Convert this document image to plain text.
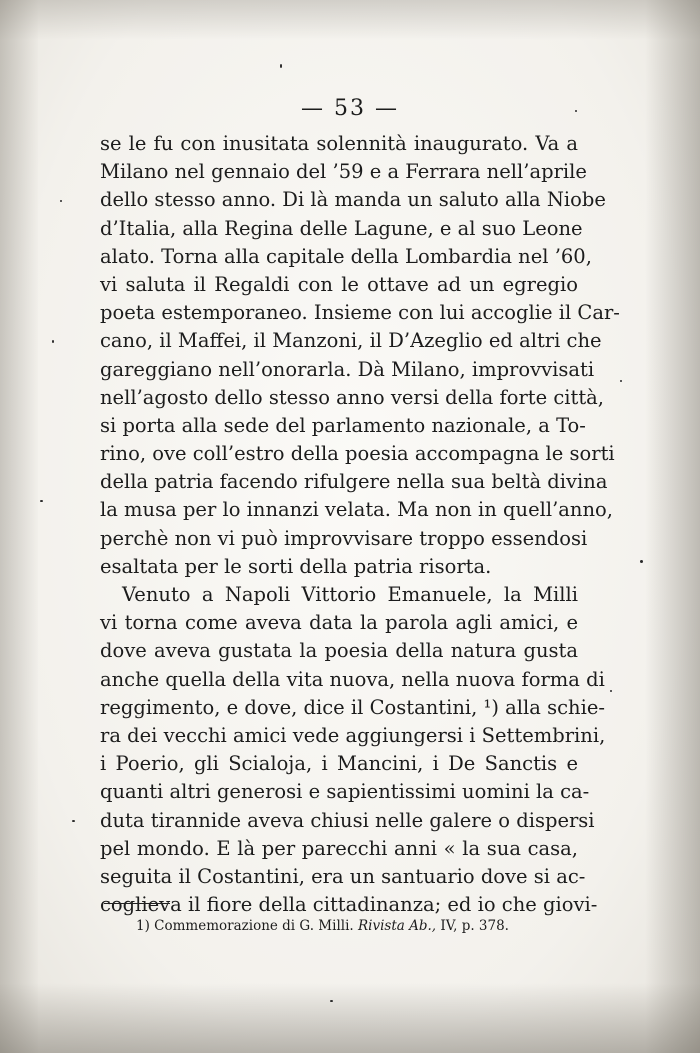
— 53 —
se le fu con inusitata solennità inaugurato. Va a
Milano nel gennaio del ’59 e a Ferrara nell’aprile
dello stesso anno. Di là manda un saluto alla Niobe
d’Italia, alla Regina delle Lagune, e al suo Leone
alato. Torna alla capitale della Lombardia nel ’60,
vi saluta il Regaldi con le ottave ad un egregio
poeta estemporaneo. Insieme con lui accoglie il Car-
cano, il Maffei, il Manzoni, il D’Azeglio ed altri che
gareggiano nell’onorarla. Dà Milano, improvvisati
nell’agosto dello stesso anno versi della forte città,
si porta alla sede del parlamento nazionale, a To-
rino, ove coll’estro della poesia accompagna le sorti
della patria facendo rifulgere nella sua beltà divina
la musa per lo innanzi velata. Ma non in quell’anno,
perchè non vi può improvvisare troppo essendosi
esaltata per le sorti della patria risorta.
Venuto a Napoli Vittorio Emanuele, la Milli
vi torna come aveva data la parola agli amici, e
dove aveva gustata la poesia della natura gusta
anche quella della vita nuova, nella nuova forma di
reggimento, e dove, dice il Costantini, ¹) alla schie-
ra dei vecchi amici vede aggiungersi i Settembrini,
i Poerio, gli Scialoja, i Mancini, i De Sanctis e
quanti altri generosi e sapientissimi uomini la ca-
duta tirannide aveva chiusi nelle galere o dispersi
pel mondo. E là per parecchi anni « la sua casa,
seguita il Costantini, era un santuario dove si ac-
coglieva il fiore della cittadinanza; ed io che giovi-
1) Commemorazione di G. Milli. Rivista Ab., IV, p. 378.
